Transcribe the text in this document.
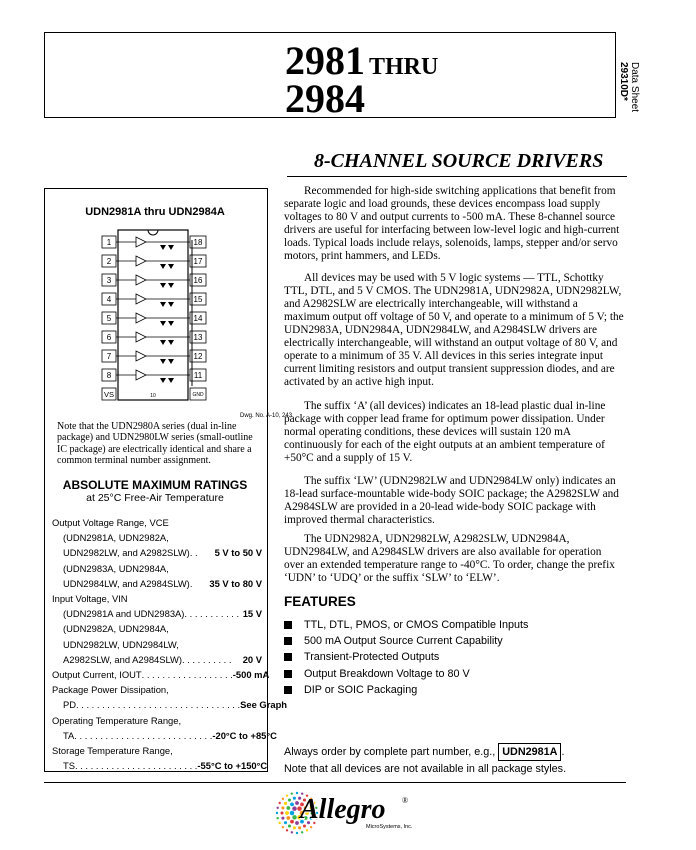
2981 THRU
2984	Data Sheet
29310D*
8-CHANNEL SOURCE DRIVERS
UDN2981A thru UDN2984A
1	18
2	17
3	16
4	15
5	14
6	13
7	12
8	11
VS	GND
10
Dwg. No. A-10, 243
Note that the UDN2980A series (dual in-line package) and UDN2980LW series (small-outline IC package) are electrically identical and share a common terminal number assignment.
ABSOLUTE MAXIMUM RATINGS
at 25°C Free-Air Temperature
Output Voltage Range, VCE
(UDN2981A, UDN2982A,
UDN2982LW, and A2982SLW) . .	5 V to 50 V
(UDN2983A, UDN2984A,
UDN2984LW, and A2984SLW) .	35 V to 80 V
Input Voltage, VIN
(UDN2981A and UDN2983A) . . . . . . . . . . . 15 V
(UDN2982A, UDN2984A,
UDN2982LW, UDN2984LW,
A2982SLW, and A2984SLW) . . . . . . . . . .	20 V
Output Current, IOUT . . . . . . . . . . . . . . . . . . -500 mA
Package Power Dissipation,
PD . . . . . . . . . . . . . . . . . . . . . . . . . . . . . . . . See Graph
Operating Temperature Range,
TA . . . . . . . . . . . . . . . . . . . . . . . . . . . -20°C to +85°C
Storage Temperature Range,
TS . . . . . . . . . . . . . . . . . . . . . . . . -55°C to +150°C
Recommended for high-side switching applications that benefit from separate logic and load grounds, these devices encompass load supply voltages to 80 V and output currents to -500 mA. These 8-channel source drivers are useful for interfacing between low-level logic and high-current loads. Typical loads include relays, solenoids, lamps, stepper and/or servo motors, print hammers, and LEDs.
All devices may be used with 5 V logic systems — TTL, Schottky TTL, DTL, and 5 V CMOS. The UDN2981A, UDN2982A, UDN2982LW, and A2982SLW are electrically interchangeable, will withstand a maximum output off voltage of 50 V, and operate to a minimum of 5 V; the UDN2983A, UDN2984A, UDN2984LW, and A2984SLW drivers are electrically interchangeable, will withstand an output voltage of 80 V, and operate to a minimum of 35 V. All devices in this series integrate input current limiting resistors and output transient suppression diodes, and are activated by an active high input.
The suffix ‘A’ (all devices) indicates an 18-lead plastic dual in-line package with copper lead frame for optimum power dissipation. Under normal operating conditions, these devices will sustain 120 mA continuously for each of the eight outputs at an ambient temperature of +50°C and a supply of 15 V.
The suffix ‘LW’ (UDN2982LW and UDN2984LW only) indicates an 18-lead surface-mountable wide-body SOIC package; the A2982SLW and A2984SLW are provided in a 20-lead wide-body SOIC package with improved thermal characteristics.
The UDN2982A, UDN2982LW, A2982SLW, UDN2984A, UDN2984LW, and A2984SLW drivers are also available for operation over an extended temperature range to -40°C. To order, change the prefix ‘UDN’ to ‘UDQ’ or the suffix ‘SLW’ to ‘ELW’.
FEATURES
TTL, DTL, PMOS, or CMOS Compatible Inputs
500 mA Output Source Current Capability
Transient-Protected Outputs
Output Breakdown Voltage to 80 V
DIP or SOIC Packaging
Always order by complete part number, e.g., UDN2981A .
Note that all devices are not available in all package styles.
Allegro ®
MicroSystems, Inc.
